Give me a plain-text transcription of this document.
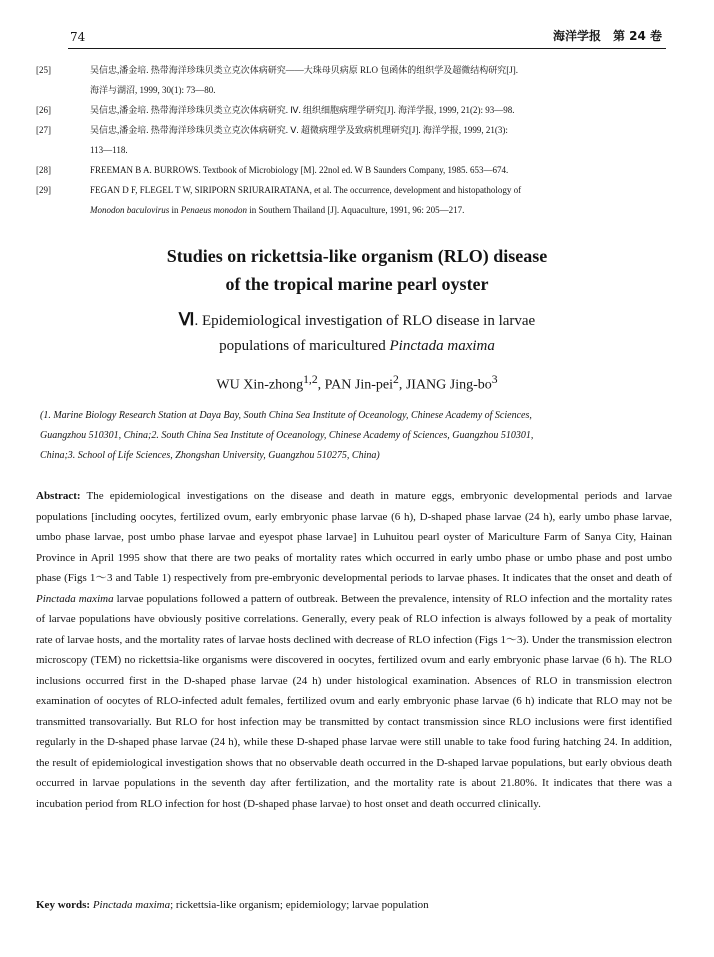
74	海洋学报　第 24 卷
[25]	吴信忠,潘金培. 热带海洋珍珠贝类立克次体病研究——大珠母贝病原 RLO 包函体的组织学及超微结构研究[J].
海洋与湖沼, 1999, 30(1): 73—80.
[26]	吴信忠,潘金培. 热带海洋珍珠贝类立克次体病研究. Ⅳ. 组织细胞病理学研究[J]. 海洋学报, 1999, 21(2): 93—98.
[27]	吴信忠,潘金培. 热带海洋珍珠贝类立克次体病研究. Ⅴ. 超微病理学及致病机理研究[J]. 海洋学报, 1999, 21(3):
113—118.
[28]	FREEMAN B A. BURROWS. Textbook of Microbiology [M]. 22nol ed. W B Saunders Company, 1985. 653—674.
[29]	FEGAN D F, FLEGEL T W, SIRIPORN SRIURAIRATANA, et al. The occurrence, development and histopathology of
Monodon baculovirus in Penaeus monodon in Southern Thailand [J]. Aquaculture, 1991, 96: 205—217.
Studies on rickettsia-like organism (RLO) disease
of the tropical marine pearl oyster
Ⅵ. Epidemiological investigation of RLO disease in larvae
populations of maricultured Pinctada maxima
WU Xin-zhong$^{1,2}$, PAN Jin-pei$^2$, JIANG Jing-$bo^3$
(1. Marine Biology Research Station at Daya Bay, South China Sea Institute of Oceanology, Chinese Academy of Sciences,
Guangzhou 510301, China;2. South China Sea Institute of Oceanology, Chinese Academy of Sciences, Guangzhou 510301,
China;3. School of Life Sciences, Zhongshan University, Guangzhou 510275, China)

Abstract: The epidemiological investigations on the disease and death in mature eggs, embryonic developmental periods and larvae populations [including oocytes, fertilized ovum, early embryonic phase larvae (6 h), D-shaped phase larvae (24 h), early umbo phase larvae, umbo phase larvae, post umbo phase larvae and eyespot phase larvae] in Luhuitou pearl oyster of Mariculture Farm of Sanya City, Hainan Province in April 1995 show that there are two peaks of mortality rates which occurred in early umbo phase or umbo phase and post umbo phase (Figs 1～3 and Table 1) respectively from pre-embryonic developmental periods to larvae phases. It indicates that the onset and death of Pinctada maxima larvae populations followed a pattern of outbreak. Between the prevalence, intensity of RLO infection and the mortality rates of larvae populations have obviously positive correlations. Generally, every peak of RLO infection is always followed by a peak of mortality rate of larvae hosts, and the mortality rates of larvae hosts declined with decrease of RLO infection (Figs 1～3). Under the transmission electron microscopy (TEM) no rickettsia-like organisms were discovered in oocytes, fertilized ovum and early embryonic phase larvae (6 h). The RLO inclusions occurred first in the D-shaped phase larvae (24 h) under histological examination. Absences of RLO in transmission electron examination of oocytes of RLO-infected adult females, fertilized ovum and early embryonic phase larvae (6 h) indicate that RLO may not be transmitted transovarially. But RLO for host infection may be transmitted by contact transmission since RLO inclusions were first identified regularly in the D-shaped phase larvae (24 h), while these D-shaped phase larvae were still unable to take food furing hatching 24. In addition, the result of epidemiological investigation shows that no observable death occurred in the D-shaped larvae populations, but early obvious death occurred in larvae populations in the seventh day after fertilization, and the mortality rate is about 21.80%. It indicates that there was a incubation period from RLO infection for host (D-shaped phase larvae) to host onset and death occurred clinically.

Key words: Pinctada maxima; rickettsia-like organism; epidemiology; larvae population
